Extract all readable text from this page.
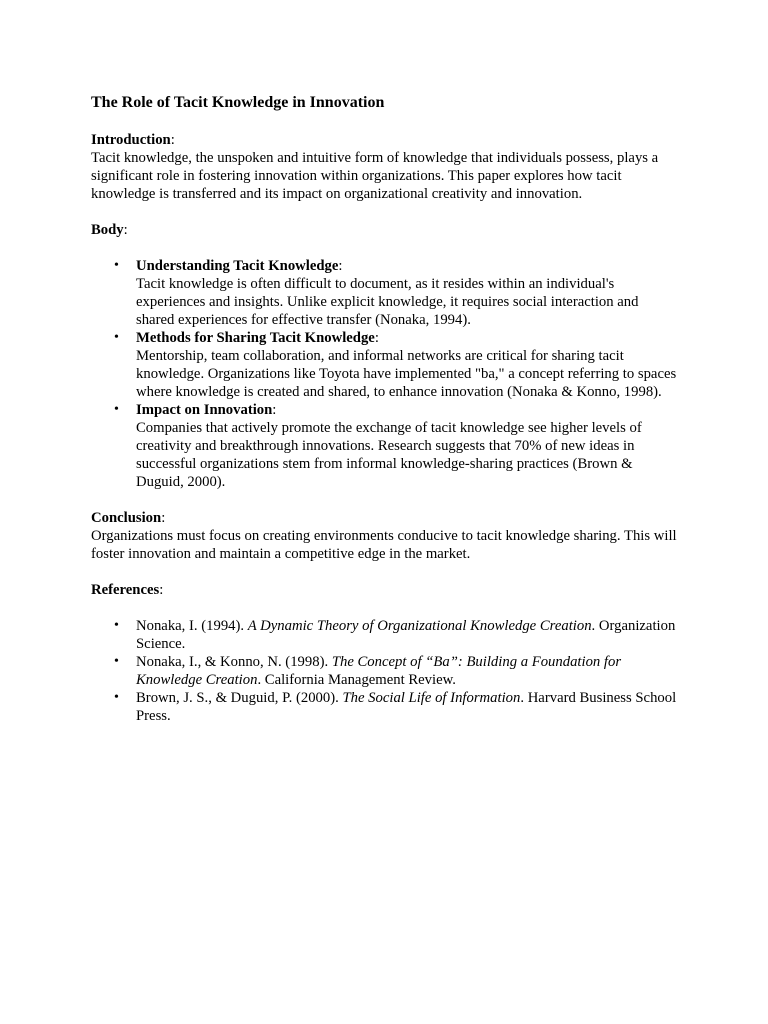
The Role of Tacit Knowledge in Innovation
Introduction:

Tacit knowledge, the unspoken and intuitive form of knowledge that individuals possess, plays a significant role in fostering innovation within organizations. This paper explores how tacit knowledge is transferred and its impact on organizational creativity and innovation.

Body:
• Understanding Tacit Knowledge:
Tacit knowledge is often difficult to document, as it resides within an individual's experiences and insights. Unlike explicit knowledge, it requires social interaction and shared experiences for effective transfer (Nonaka, 1994).
• Methods for Sharing Tacit Knowledge:
Mentorship, team collaboration, and informal networks are critical for sharing tacit knowledge. Organizations like Toyota have implemented "ba," a concept referring to spaces where knowledge is created and shared, to enhance innovation (Nonaka & Konno, 1998).
• Impact on Innovation:
Companies that actively promote the exchange of tacit knowledge see higher levels of creativity and breakthrough innovations. Research suggests that 70% of new ideas in successful organizations stem from informal knowledge-sharing practices (Brown & Duguid, 2000).
Conclusion:

Organizations must focus on creating environments conducive to tacit knowledge sharing. This will foster innovation and maintain a competitive edge in the market.

References:
• Nonaka, I. (1994). A Dynamic Theory of Organizational Knowledge Creation. Organization Science.
• Nonaka, I., & Konno, N. (1998). The Concept of “Ba”: Building a Foundation for Knowledge Creation. California Management Review.
• Brown, J. S., & Duguid, P. (2000). The Social Life of Information. Harvard Business School Press.
